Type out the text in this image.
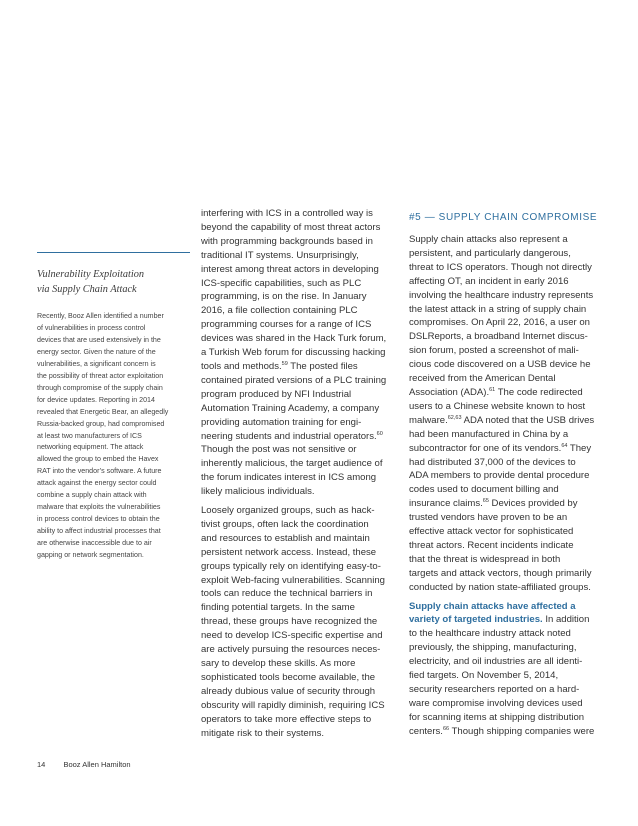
Vulnerability Exploitation
via Supply Chain Attack

Recently, Booz Allen identified a number
of vulnerabilities in process control
devices that are used extensively in the
energy sector. Given the nature of the
vulnerabilities, a significant concern is
the possibility of threat actor exploitation
through compromise of the supply chain
for device updates. Reporting in 2014
revealed that Energetic Bear, an allegedly
Russia-backed group, had compromised
at least two manufacturers of ICS
networking equipment. The attack
allowed the group to embed the Havex
RAT into the vendor’s software. A future
attack against the energy sector could
combine a supply chain attack with
malware that exploits the vulnerabilities
in process control devices to obtain the
ability to affect industrial processes that
are otherwise inaccessible due to air
gapping or network segmentation.

interfering with ICS in a controlled way is
beyond the capability of most threat actors
with programming backgrounds based in
traditional IT systems. Unsurprisingly,
interest among threat actors in developing
ICS-specific capabilities, such as PLC
programming, is on the rise. In January
2016, a file collection containing PLC
programming courses for a range of ICS
devices was shared in the Hack Turk forum,
a Turkish Web forum for discussing hacking
tools and methods.$^{59}$ The posted files
contained pirated versions of a PLC training
program produced by NFI Industrial
Automation Training Academy, a company
providing automation training for engi-
neering students and industrial operators.$^{60}$
Though the post was not sensitive or
inherently malicious, the target audience of
the forum indicates interest in ICS among
likely malicious individuals.

Loosely organized groups, such as hack-
tivist groups, often lack the coordination
and resources to establish and maintain
persistent network access. Instead, these
groups typically rely on identifying easy-to-
exploit Web-facing vulnerabilities. Scanning
tools can reduce the technical barriers in
finding potential targets. In the same
thread, these groups have recognized the
need to develop ICS-specific expertise and
are actively pursuing the resources neces-
sary to develop these skills. As more
sophisticated tools become available, the
already dubious value of security through
obscurity will rapidly diminish, requiring ICS
operators to take more effective steps to
mitigate risk to their systems.

#5 — SUPPLY CHAIN COMPROMISE

Supply chain attacks also represent a
persistent, and particularly dangerous,
threat to ICS operators. Though not directly
affecting OT, an incident in early 2016
involving the healthcare industry represents
the latest attack in a string of supply chain
compromises. On April 22, 2016, a user on
DSLReports, a broadband Internet discus-
sion forum, posted a screenshot of mali-
cious code discovered on a USB device he
received from the American Dental
Association (ADA).$^{61}$ The code redirected
users to a Chinese website known to host
malware.$^{62,63}$ ADA noted that the USB drives
had been manufactured in China by a
subcontractor for one of its vendors.$^{64}$ They
had distributed 37,000 of the devices to
ADA members to provide dental procedure
codes used to document billing and
insurance claims.$^{65}$ Devices provided by
trusted vendors have proven to be an
effective attack vector for sophisticated
threat actors. Recent incidents indicate
that the threat is widespread in both
targets and attack vectors, though primarily
conducted by nation state-affiliated groups.

Supply chain attacks have affected a
variety of targeted industries. In addition
to the healthcare industry attack noted
previously, the shipping, manufacturing,
electricity, and oil industries are all identi-
fied targets. On November 5, 2014,
security researchers reported on a hard-
ware compromise involving devices used
for scanning items at shipping distribution
centers.$^{66}$ Though shipping companies were

14 Booz Allen Hamilton
